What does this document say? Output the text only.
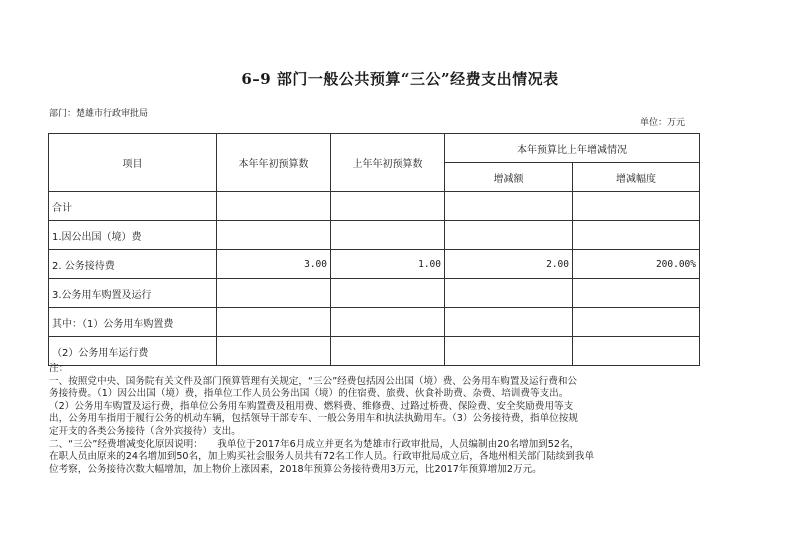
6–9 部门一般公共预算“三公”经费支出情况表
部门：楚雄市行政审批局
单位：万元
项目	本年年初预算数	上年年初预算数	本年预算比上年增减情况	
			增减额	增减幅度
合计				
1.因公出国（境）费				
2. 公务接待费	3.00	1.00	2.00	200.00%
3.公务用车购置及运行				
其中：（1）公务用车购置费				
（2）公务用车运行费				
注：
一、按照党中央、国务院有关文件及部门预算管理有关规定，“三公”经费包括因公出国（境）费、公务用车购置及运行费和公
务接待费。（1）因公出国（境）费，指单位工作人员公务出国（境）的住宿费、旅费、伙食补助费、杂费、培训费等支出。
（2）公务用车购置及运行费，指单位公务用车购置费及租用费、燃料费、维修费、过路过桥费、保险费、安全奖励费用等支
出，公务用车指用于履行公务的机动车辆，包括领导干部专车、一般公务用车和执法执勤用车。（3）公务接待费，指单位按规
定开支的各类公务接待（含外宾接待）支出。
二、“三公”经费增减变化原因说明：　　我单位于2017年6月成立并更名为楚雄市行政审批局，人员编制由20名增加到52名，
在职人员由原来的24名增加到50名，加上购买社会服务人员共有72名工作人员。行政审批局成立后，各地州相关部门陆续到我单
位考察，公务接待次数大幅增加，加上物价上涨因素，2018年预算公务接待费用3万元，比2017年预算增加2万元。
